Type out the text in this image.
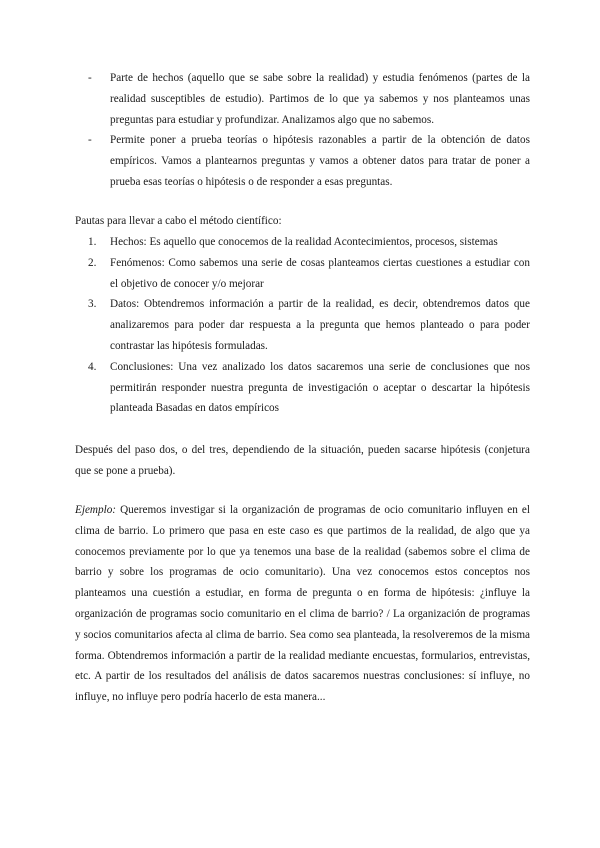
- Parte de hechos (aquello que se sabe sobre la realidad) y estudia fenómenos (partes de la realidad susceptibles de estudio). Partimos de lo que ya sabemos y nos planteamos unas preguntas para estudiar y profundizar. Analizamos algo que no sabemos.
- Permite poner a prueba teorías o hipótesis razonables a partir de la obtención de datos empíricos. Vamos a plantearnos preguntas y vamos a obtener datos para tratar de poner a prueba esas teorías o hipótesis o de responder a esas preguntas.
Pautas para llevar a cabo el método científico:
1. Hechos: Es aquello que conocemos de la realidad Acontecimientos, procesos, sistemas
2. Fenómenos: Como sabemos una serie de cosas planteamos ciertas cuestiones a estudiar con el objetivo de conocer y/o mejorar
3. Datos: Obtendremos información a partir de la realidad, es decir, obtendremos datos que analizaremos para poder dar respuesta a la pregunta que hemos planteado o para poder contrastar las hipótesis formuladas.
4. Conclusiones: Una vez analizado los datos sacaremos una serie de conclusiones que nos permitirán responder nuestra pregunta de investigación o aceptar o descartar la hipótesis planteada Basadas en datos empíricos
Después del paso dos, o del tres, dependiendo de la situación, pueden sacarse hipótesis (conjetura que se pone a prueba).
Ejemplo: Queremos investigar si la organización de programas de ocio comunitario influyen en el clima de barrio. Lo primero que pasa en este caso es que partimos de la realidad, de algo que ya conocemos previamente por lo que ya tenemos una base de la realidad (sabemos sobre el clima de barrio y sobre los programas de ocio comunitario). Una vez conocemos estos conceptos nos planteamos una cuestión a estudiar, en forma de pregunta o en forma de hipótesis: ¿influye la organización de programas socio comunitario en el clima de barrio? / La organización de programas y socios comunitarios afecta al clima de barrio. Sea como sea planteada, la resolveremos de la misma forma. Obtendremos información a partir de la realidad mediante encuestas, formularios, entrevistas, etc. A partir de los resultados del análisis de datos sacaremos nuestras conclusiones: sí influye, no influye, no influye pero podría hacerlo de esta manera...
